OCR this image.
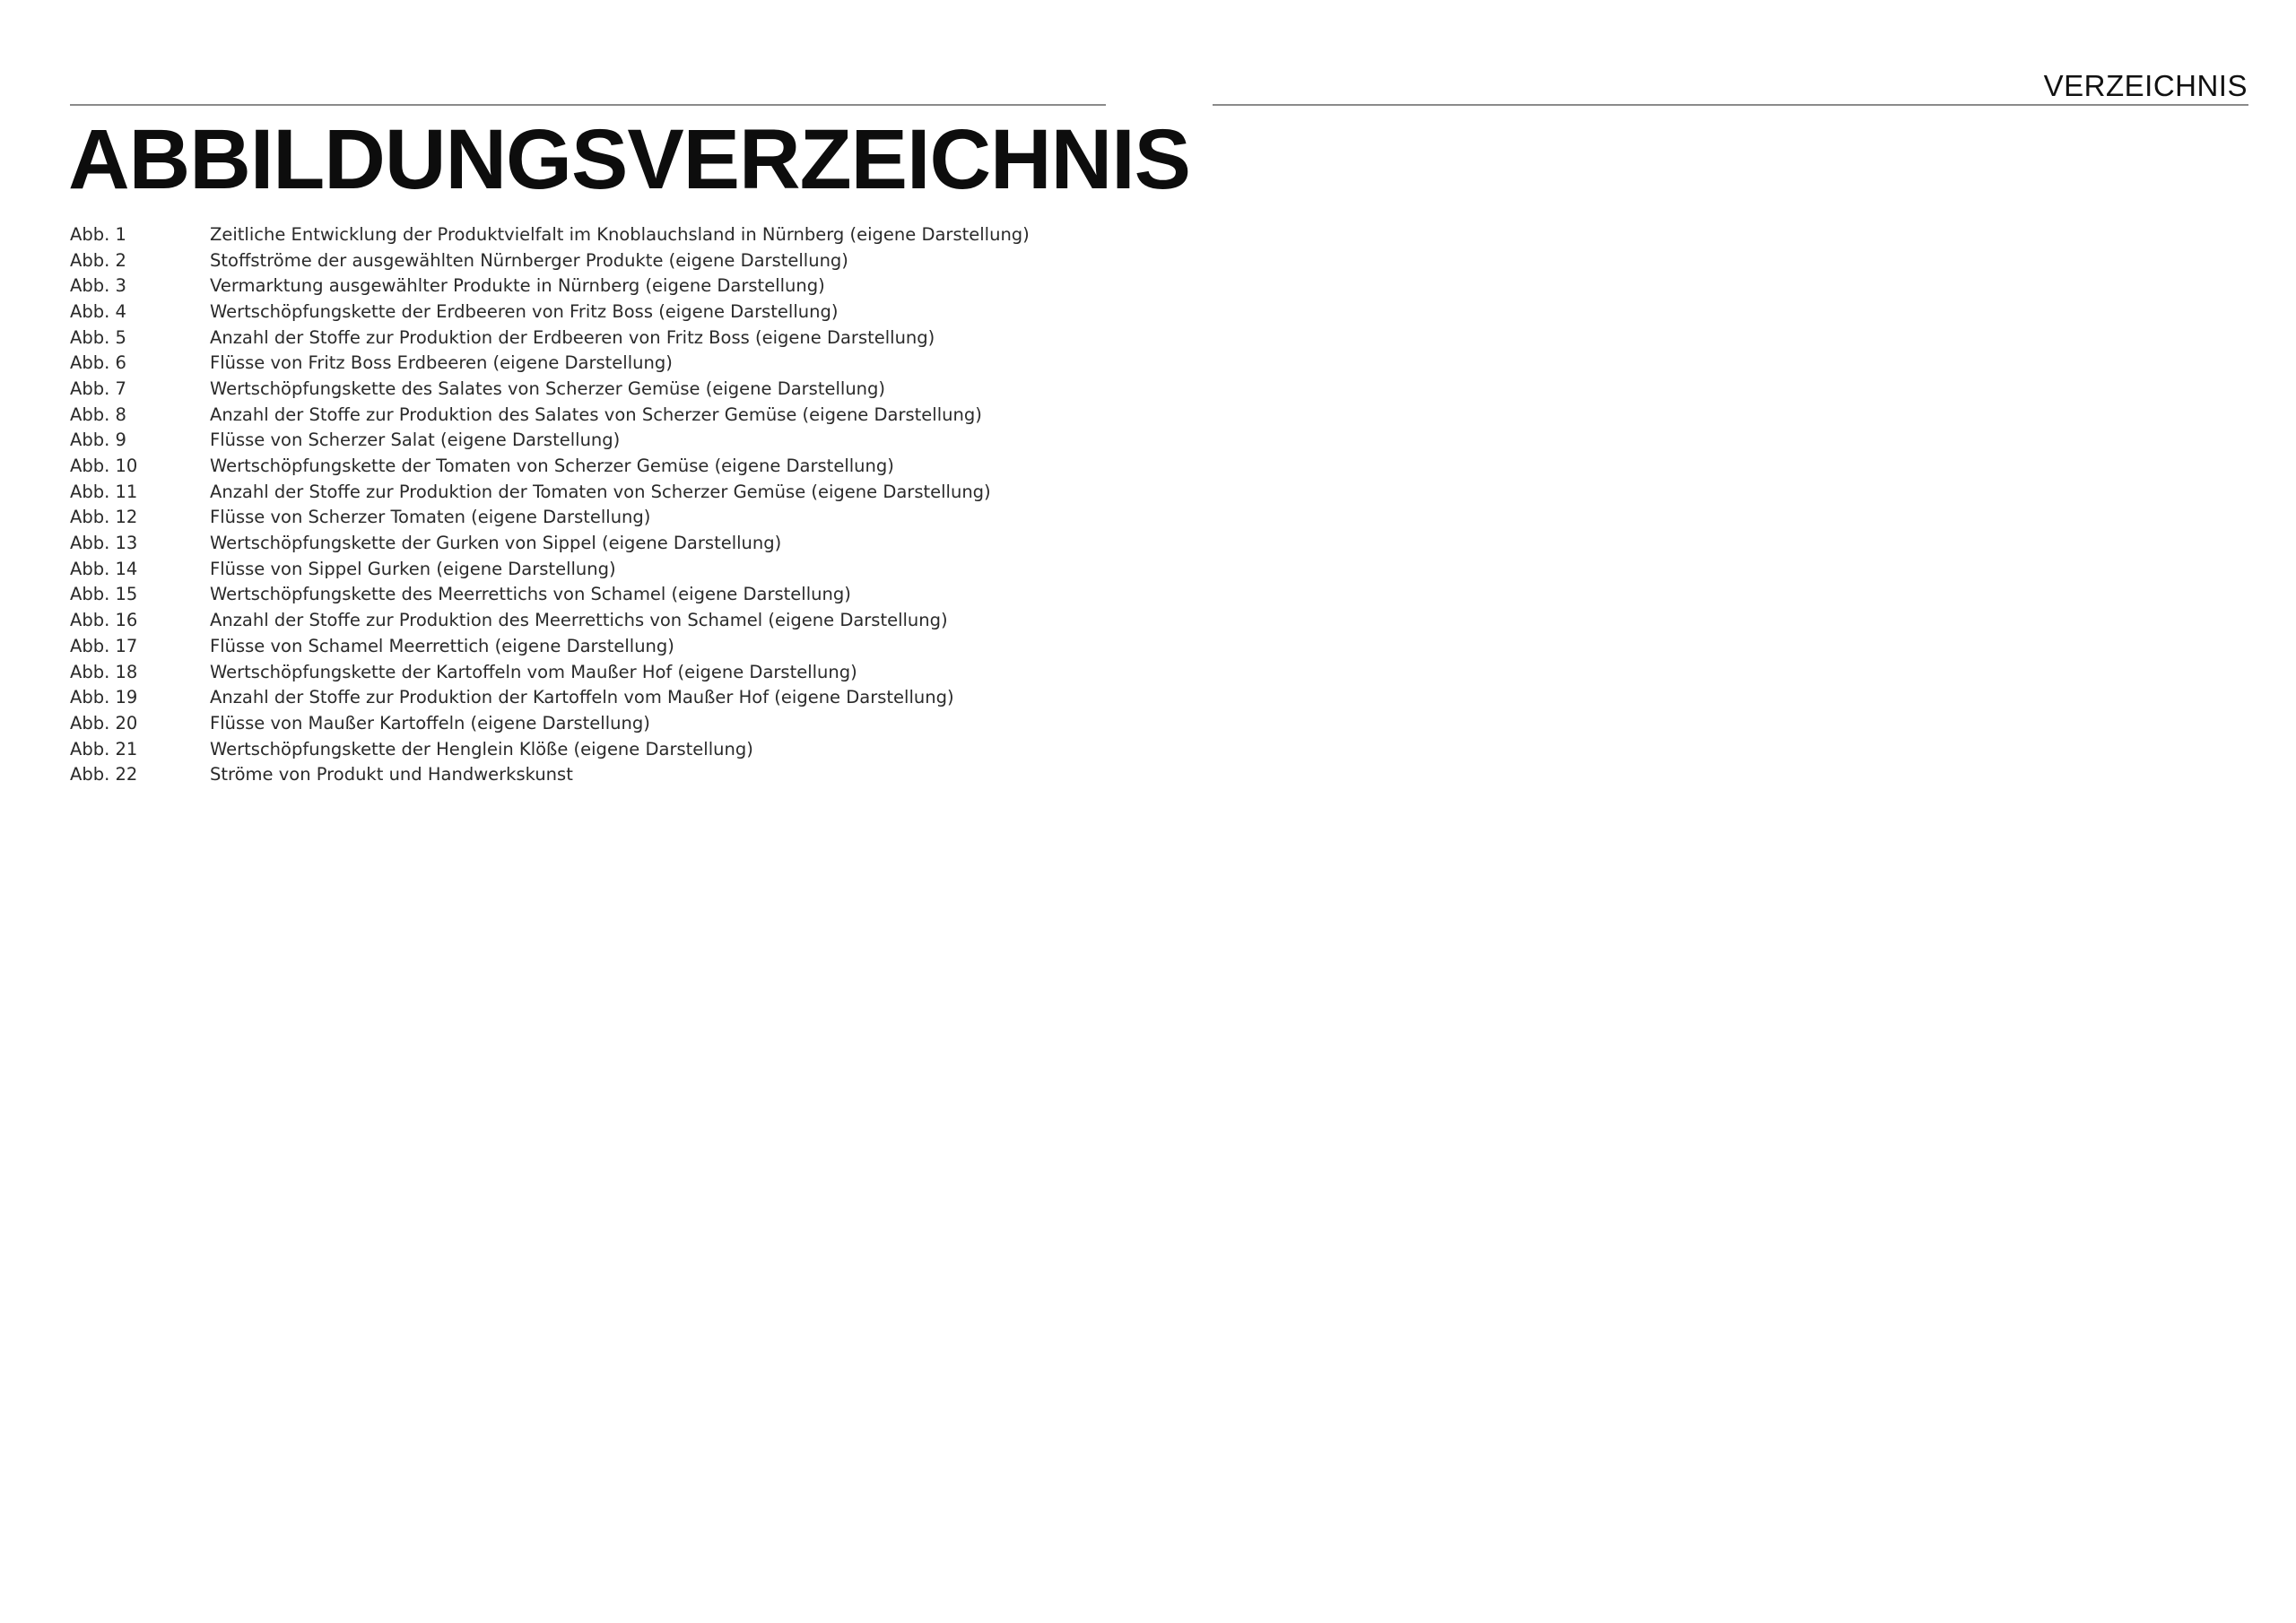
VERZEICHNIS
ABBILDUNGSVERZEICHNIS
Abb. 1	Zeitliche Entwicklung der Produktvielfalt im Knoblauchsland in Nürnberg (eigene Darstellung)
Abb. 2	Stoffströme der ausgewählten Nürnberger Produkte (eigene Darstellung)
Abb. 3	Vermarktung ausgewählter Produkte in Nürnberg (eigene Darstellung)
Abb. 4	Wertschöpfungskette der Erdbeeren von Fritz Boss (eigene Darstellung)
Abb. 5	Anzahl der Stoffe zur Produktion der Erdbeeren von Fritz Boss (eigene Darstellung)
Abb. 6	Flüsse von Fritz Boss Erdbeeren (eigene Darstellung)
Abb. 7	Wertschöpfungskette des Salates von Scherzer Gemüse (eigene Darstellung)
Abb. 8	Anzahl der Stoffe zur Produktion des Salates von Scherzer Gemüse (eigene Darstellung)
Abb. 9	Flüsse von Scherzer Salat (eigene Darstellung)
Abb. 10	Wertschöpfungskette der Tomaten von Scherzer Gemüse (eigene Darstellung)
Abb. 11	Anzahl der Stoffe zur Produktion der Tomaten von Scherzer Gemüse (eigene Darstellung)
Abb. 12	Flüsse von Scherzer Tomaten (eigene Darstellung)
Abb. 13	Wertschöpfungskette der Gurken von Sippel (eigene Darstellung)
Abb. 14	Flüsse von Sippel Gurken (eigene Darstellung)
Abb. 15	Wertschöpfungskette des Meerrettichs von Schamel (eigene Darstellung)
Abb. 16	Anzahl der Stoffe zur Produktion des Meerrettichs von Schamel (eigene Darstellung)
Abb. 17	Flüsse von Schamel Meerrettich (eigene Darstellung)
Abb. 18	Wertschöpfungskette der Kartoffeln vom Maußer Hof (eigene Darstellung)
Abb. 19	Anzahl der Stoffe zur Produktion der Kartoffeln vom Maußer Hof (eigene Darstellung)
Abb. 20	Flüsse von Maußer Kartoffeln (eigene Darstellung)
Abb. 21	Wertschöpfungskette der Henglein Klöße (eigene Darstellung)
Abb. 22	Ströme von Produkt und Handwerkskunst
